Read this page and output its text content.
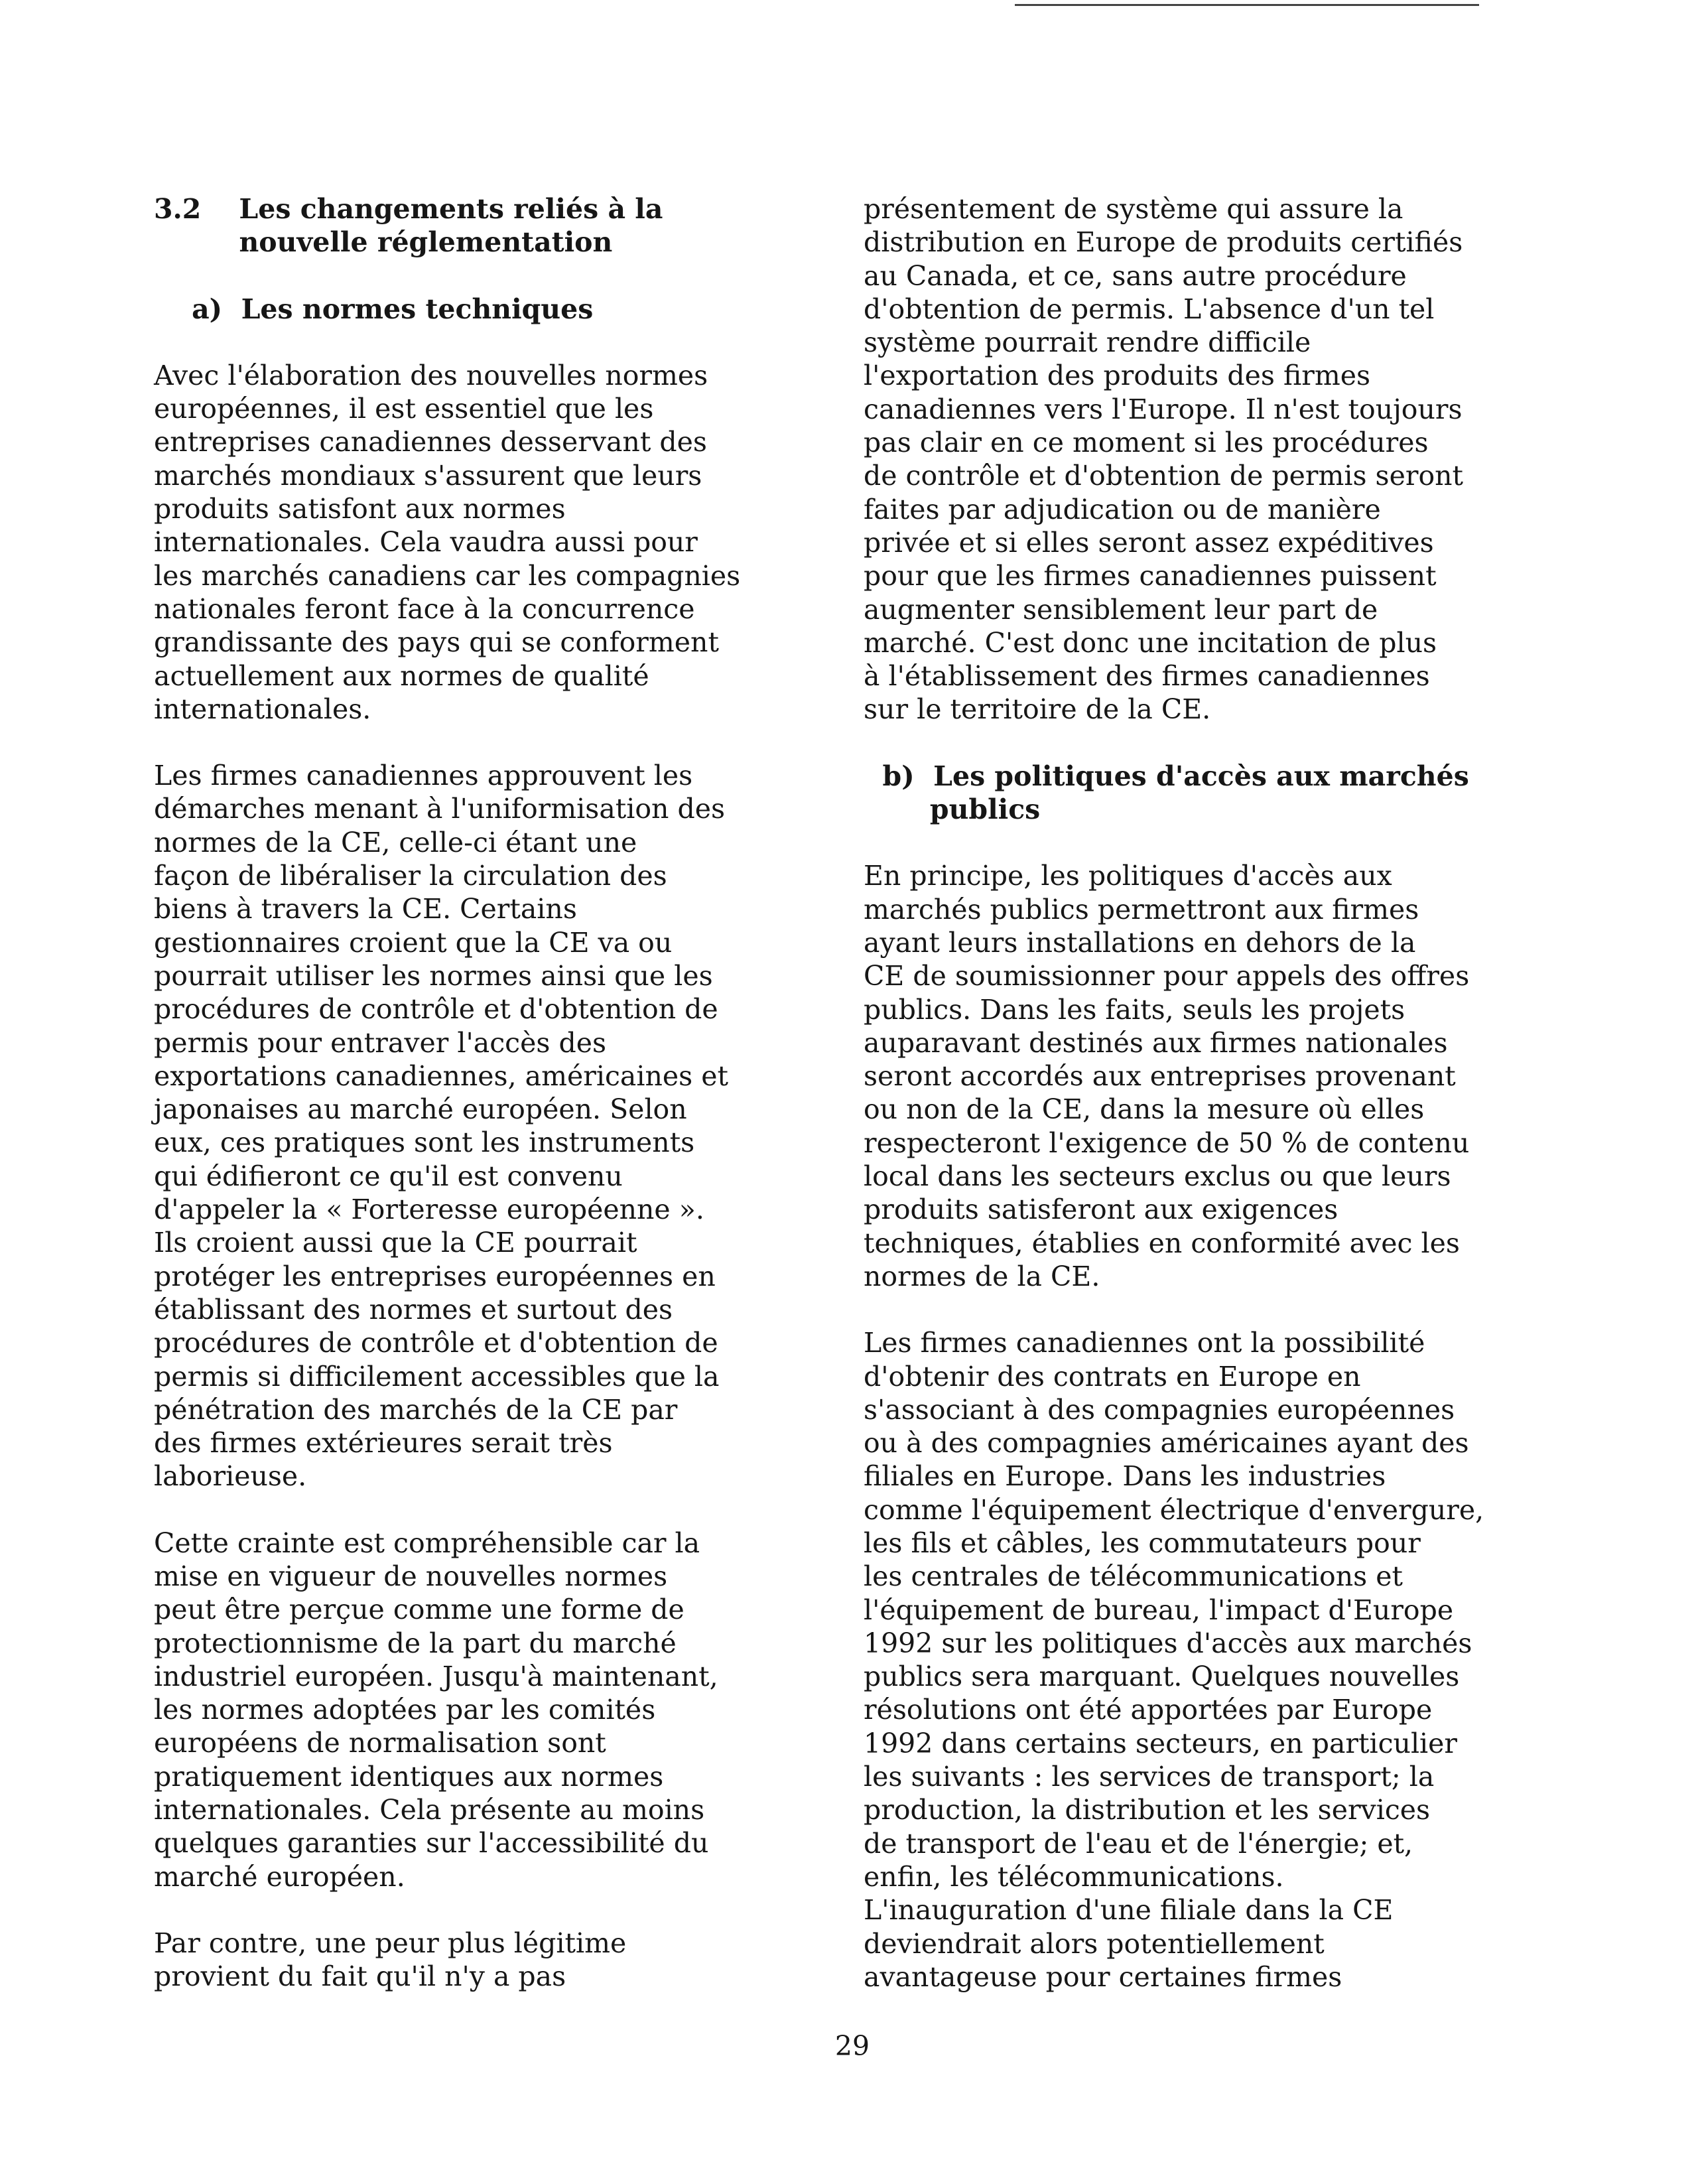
3.2    Les changements reliés à la
nouvelle réglementation
a)  Les normes techniques
Avec l'élaboration des nouvelles normes
européennes, il est essentiel que les
entreprises canadiennes desservant des
marchés mondiaux s'assurent que leurs
produits satisfont aux normes
internationales. Cela vaudra aussi pour
les marchés canadiens car les compagnies
nationales feront face à la concurrence
grandissante des pays qui se conforment
actuellement aux normes de qualité
internationales.
Les firmes canadiennes approuvent les
démarches menant à l'uniformisation des
normes de la CE, celle-ci étant une
façon de libéraliser la circulation des
biens à travers la CE. Certains
gestionnaires croient que la CE va ou
pourrait utiliser les normes ainsi que les
procédures de contrôle et d'obtention de
permis pour entraver l'accès des
exportations canadiennes, américaines et
japonaises au marché européen. Selon
eux, ces pratiques sont les instruments
qui édifieront ce qu'il est convenu
d'appeler la « Forteresse européenne ».
Ils croient aussi que la CE pourrait
protéger les entreprises européennes en
établissant des normes et surtout des
procédures de contrôle et d'obtention de
permis si difficilement accessibles que la
pénétration des marchés de la CE par
des firmes extérieures serait très
laborieuse.
Cette crainte est compréhensible car la
mise en vigueur de nouvelles normes
peut être perçue comme une forme de
protectionnisme de la part du marché
industriel européen. Jusqu'à maintenant,
les normes adoptées par les comités
européens de normalisation sont
pratiquement identiques aux normes
internationales. Cela présente au moins
quelques garanties sur l'accessibilité du
marché européen.
Par contre, une peur plus légitime
provient du fait qu'il n'y a pas
présentement de système qui assure la
distribution en Europe de produits certifiés
au Canada, et ce, sans autre procédure
d'obtention de permis. L'absence d'un tel
système pourrait rendre difficile
l'exportation des produits des firmes
canadiennes vers l'Europe. Il n'est toujours
pas clair en ce moment si les procédures
de contrôle et d'obtention de permis seront
faites par adjudication ou de manière
privée et si elles seront assez expéditives
pour que les firmes canadiennes puissent
augmenter sensiblement leur part de
marché. C'est donc une incitation de plus
à l'établissement des firmes canadiennes
sur le territoire de la CE.
b)  Les politiques d'accès aux marchés
publics
En principe, les politiques d'accès aux
marchés publics permettront aux firmes
ayant leurs installations en dehors de la
CE de soumissionner pour appels des offres
publics. Dans les faits, seuls les projets
auparavant destinés aux firmes nationales
seront accordés aux entreprises provenant
ou non de la CE, dans la mesure où elles
respecteront l'exigence de 50 % de contenu
local dans les secteurs exclus ou que leurs
produits satisferont aux exigences
techniques, établies en conformité avec les
normes de la CE.
Les firmes canadiennes ont la possibilité
d'obtenir des contrats en Europe en
s'associant à des compagnies européennes
ou à des compagnies américaines ayant des
filiales en Europe. Dans les industries
comme l'équipement électrique d'envergure,
les fils et câbles, les commutateurs pour
les centrales de télécommunications et
l'équipement de bureau, l'impact d'Europe
1992 sur les politiques d'accès aux marchés
publics sera marquant. Quelques nouvelles
résolutions ont été apportées par Europe
1992 dans certains secteurs, en particulier
les suivants : les services de transport; la
production, la distribution et les services
de transport de l'eau et de l'énergie; et,
enfin, les télécommunications.
L'inauguration d'une filiale dans la CE
deviendrait alors potentiellement
avantageuse pour certaines firmes
29
